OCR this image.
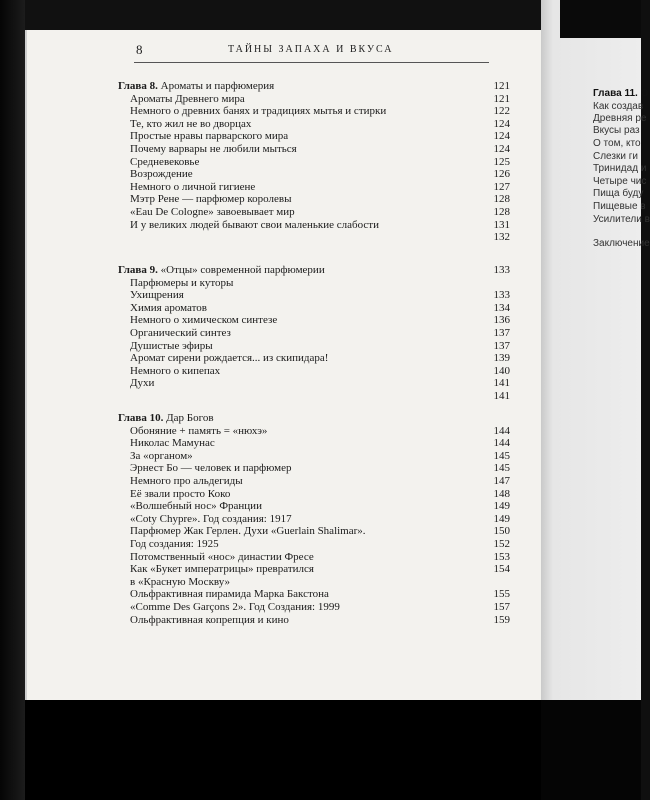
Глава 11. О
Как создав
Древняя ре
Вкусы раз
О том, кто
Слезки ги
Тринидад и
Четыре чис
Пища буду
Пищевые в
Усилители в
Заключение
8	ТАЙНЫ ЗАПАХА И ВКУСА
Глава 8. Ароматы и парфюмерия	121
Ароматы Древнего мира	121
Немного о древних банях и традициях мытья и стирки	122
Те, кто жил не во дворцах	124
Простые нравы парварского мира	124
Почему варвары не любили мыться	124
Средневековье	125
Возрождение	126
Немного о личной гигиене	127
Мэтр Рене — парфюмер королевы	128
«Eau De Cologne» завоевывает мир	128
И у великих людей бывают свои маленькие слабости	131
132
Глава 9. «Отцы» современной парфюмерии	133
Парфюмеры и куторы
Ухищрения	133
Химия ароматов	134
Немного о химическом синтезе	136
Органический синтез	137
Душистые эфиры	137
Аромат сирени рождается... из скипидара!	139
Немного о кипепах	140
Духи	141
141
Глава 10. Дар Богов
Обоняние + память = «нюхэ»	144
Николас Мамунас	144
За «органом»	145
Эрнест Бо — человек и парфюмер	145
Немного про альдегиды	147
Её звали просто Коко	148
«Волшебный нос» Франции	149
«Coty Chypre». Год создания: 1917	149
Парфюмер Жак Герлен. Духи «Guerlain Shalimar».	150
Год создания: 1925	152
Потомственный «нос» династии Фресе	153
Как «Букет императрицы» превратился	154
в «Красную Москву»
Ольфрактивная пирамида Марка Бакстона	155
«Comme Des Garçons 2». Год Создания: 1999	157
Ольфрактивная копрепция и кино	159
